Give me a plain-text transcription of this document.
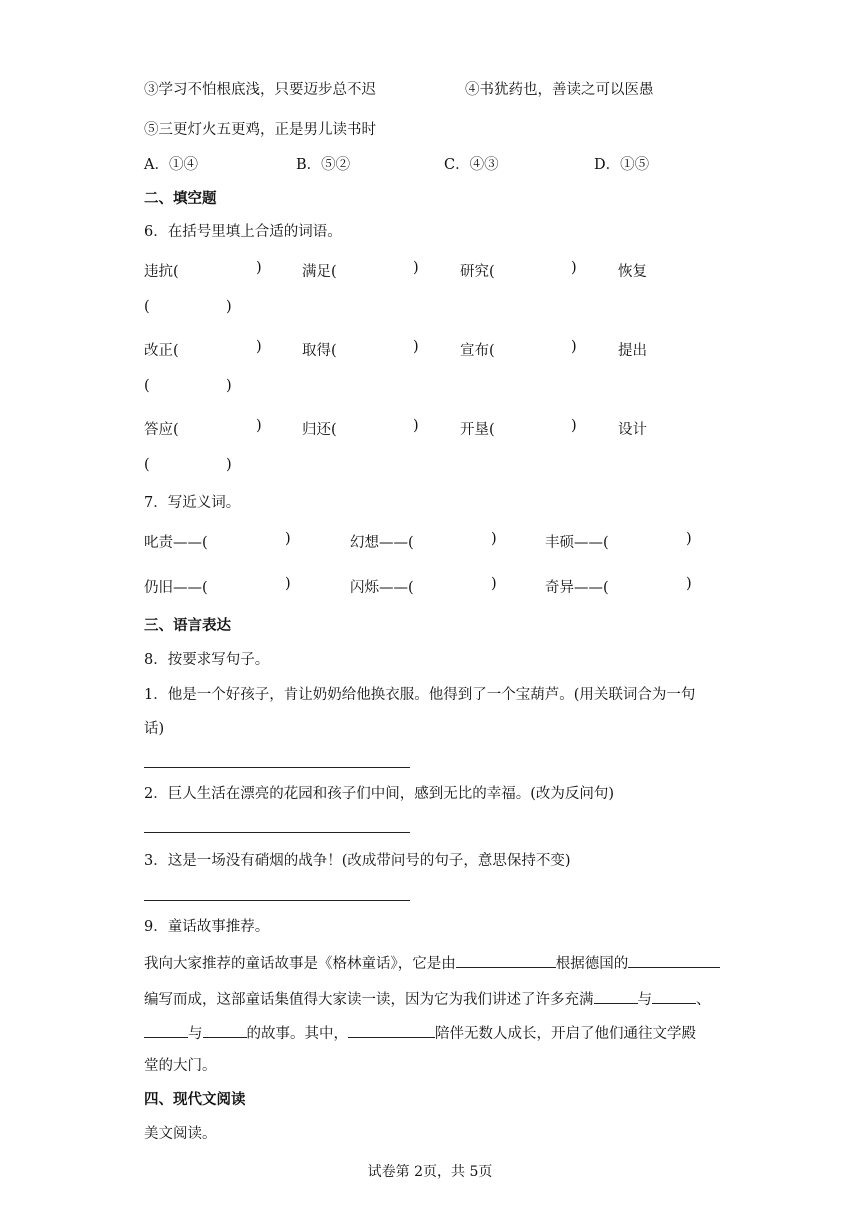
③学习不怕根底浅，只要迈步总不迟	④书犹药也，善读之可以医愚
⑤三更灯火五更鸡，正是男儿读书时
A．①④	B．⑤②	C．④③	D．①⑤
二、填空题
6．在括号里填上合适的词语。
违抗(	)	满足(	)	研究(	)	恢复
(	)
改正(	)	取得(	)	宣布(	)	提出
(	)
答应(	)	归还(	)	开垦(	)	设计
(	)
7．写近义词。
叱责——(	)	幻想——(	)	丰硕——(	)
仍旧——(	)	闪烁——(	)	奇异——(	)
三、语言表达
8．按要求写句子。
1．他是一个好孩子，肯让奶奶给他换衣服。他得到了一个宝葫芦。(用关联词合为一句
话)
2．巨人生活在漂亮的花园和孩子们中间，感到无比的幸福。(改为反问句)
3．这是一场没有硝烟的战争！(改成带问号的句子，意思保持不变)
9．童话故事推荐。
我向大家推荐的童话故事是《格林童话》，它是由	根据德国的
编写而成，这部童话集值得大家读一读，因为它为我们讲述了许多充满	与	、
与	的故事。其中，	陪伴无数人成长，开启了他们通往文学殿
堂的大门。
四、现代文阅读
美文阅读。
试卷第 2页，共 5页
